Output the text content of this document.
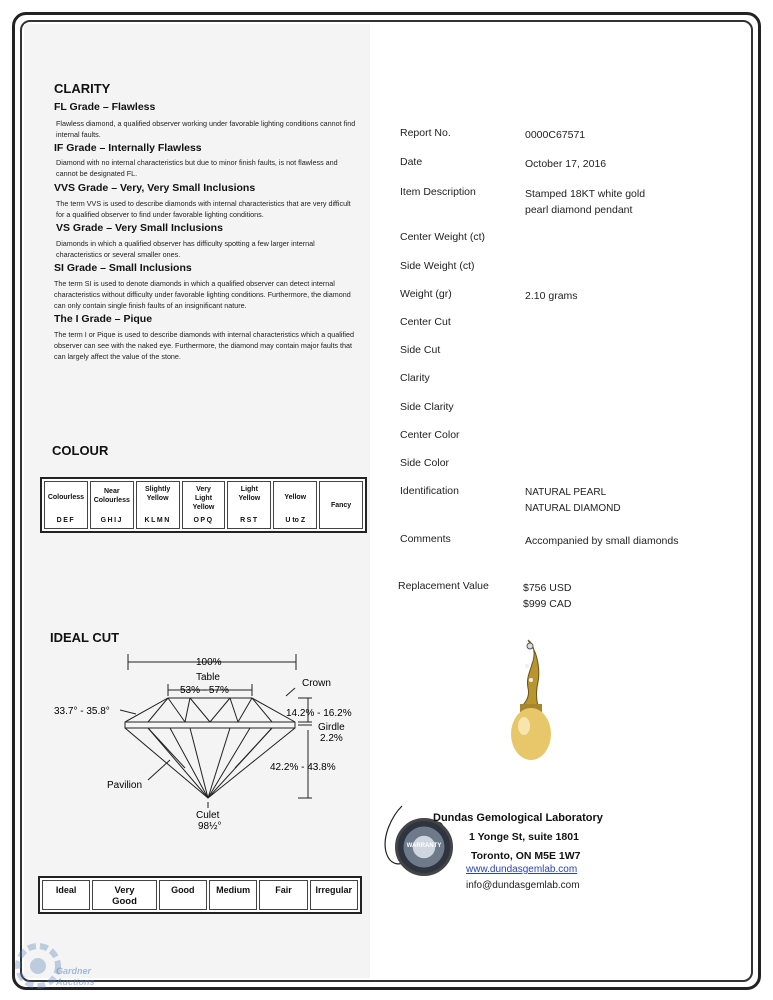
CLARITY
FL Grade – Flawless
Flawless diamond, a qualified observer working under favorable lighting conditions cannot find internal faults.
IF Grade – Internally Flawless
Diamond with no internal characteristics but due to minor finish faults, is not flawless and cannot be designated FL.
VVS Grade – Very, Very Small Inclusions
The term VVS is used to describe diamonds with internal characteristics that are very difficult for a qualified observer to find under favorable lighting conditions.
VS Grade – Very Small Inclusions
Diamonds in which a qualified observer has difficulty spotting a few larger internal characteristics or several smaller ones.
SI Grade – Small Inclusions
The term SI is used to denote diamonds in which a qualified observer can detect internal characteristics without difficulty under favorable lighting conditions. Furthermore, the diamond can only contain single finish faults of an insignificant nature.
The I Grade – Pique
The term I or Pique is used to describe diamonds with internal characteristics which a qualified observer can see with the naked eye. Furthermore, the diamond may contain major faults that can largely affect the value of the stone.
COLOUR
Colourless
DEF
Near Colourless
GHIJ
Slightly Yellow
KLMN
Very Light Yellow
OPQ
Light Yellow
RST
Yellow
U to Z
Fancy
IDEAL CUT
100%
Table
53% - 57%
Crown
33.7° - 35.8°	14.2% - 16.2%
Girdle
2.2%
42.2% - 43.8%
Pavilion
Culet
98½°
Ideal	Very Good
Good	Medium	Fair	Irregular
Report No.	0000C67571
Date	October 17, 2016
Item Description	Stamped 18KT white gold
pearl diamond pendant
Center Weight (ct)
Side Weight (ct)
Weight (gr)	2.10 grams
Center Cut
Side Cut
Clarity
Side Clarity
Center Color
Side Color
Identification	NATURAL PEARL
NATURAL DIAMOND
Comments	Accompanied by small diamonds
Replacement Value	$756 USD
$999 CAD
WARRANTY
Dundas Gemological Laboratory
1 Yonge St, suite 1801
Toronto, ON M5E 1W7
www.dundasgemlab.com
info@dundasgemlab.com
Gardner
Auctions
